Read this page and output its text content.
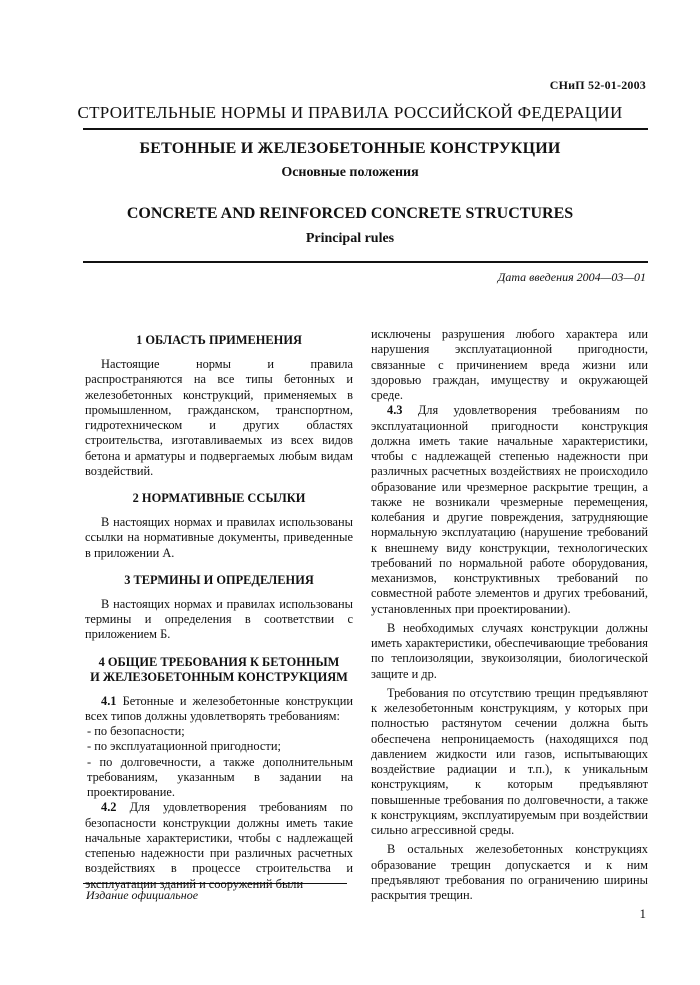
СНиП 52-01-2003
СТРОИТЕЛЬНЫЕ НОРМЫ И ПРАВИЛА РОССИЙСКОЙ ФЕДЕРАЦИИ
БЕТОННЫЕ И ЖЕЛЕЗОБЕТОННЫЕ КОНСТРУКЦИИ
Основные положения
CONCRETE AND REINFORCED CONCRETE STRUCTURES
Principal rules
Дата введения 2004—03—01
1 ОБЛАСТЬ ПРИМЕНЕНИЯ

Настоящие нормы и правила распространяются на все типы бетонных и железобетонных конструкций, применяемых в промышленном, гражданском, транспортном, гидротехническом и других областях строительства, изготавливаемых из всех видов бетона и арматуры и подвергаемых любым видам воздействий.

2 НОРМАТИВНЫЕ ССЫЛКИ

В настоящих нормах и правилах использованы ссылки на нормативные документы, приведенные в приложении А.

3 ТЕРМИНЫ И ОПРЕДЕЛЕНИЯ

В настоящих нормах и правилах использованы термины и определения в соответствии с приложением Б.

4 ОБЩИЕ ТРЕБОВАНИЯ К БЕТОННЫМ
И ЖЕЛЕЗОБЕТОННЫМ КОНСТРУКЦИЯМ

4.1 Бетонные и железобетонные конструкции всех типов должны удовлетворять требованиям:

- по безопасности;

- по эксплуатационной пригодности;

- по долговечности, а также дополнительным требованиям, указанным в задании на проектирование.

4.2 Для удовлетворения требованиям по безопасности конструкции должны иметь такие начальные характеристики, чтобы с надлежащей степенью надежности при различных расчетных воздействиях в процессе строительства и эксплуатации зданий и сооружений были

исключены разрушения любого характера или нарушения эксплуатационной пригодности, связанные с причинением вреда жизни или здоровью граждан, имуществу и окружающей среде.

4.3 Для удовлетворения требованиям по эксплуатационной пригодности конструкция должна иметь такие начальные характеристики, чтобы с надлежащей степенью надежности при различных расчетных воздействиях не происходило образование или чрезмерное раскрытие трещин, а также не возникали чрезмерные перемещения, колебания и другие повреждения, затрудняющие нормальную эксплуатацию (нарушение требований к внешнему виду конструкции, технологических требований по нормальной работе оборудования, механизмов, конструктивных требований по совместной работе элементов и других требований, установленных при проектировании).

В необходимых случаях конструкции должны иметь характеристики, обеспечивающие требования по теплоизоляции, звукоизоляции, биологической защите и др.

Требования по отсутствию трещин предъявляют к железобетонным конструкциям, у которых при полностью растянутом сечении должна быть обеспечена непроницаемость (находящихся под давлением жидкости или газов, испытывающих воздействие радиации и т.п.), к уникальным конструкциям, к которым предъявляют повышенные требования по долговечности, а также к конструкциям, эксплуатируемым при воздействии сильно агрессивной среды.

В остальных железобетонных конструкциях образование трещин допускается и к ним предъявляют требования по ограничению ширины раскрытия трещин.

Издание официальное
1
